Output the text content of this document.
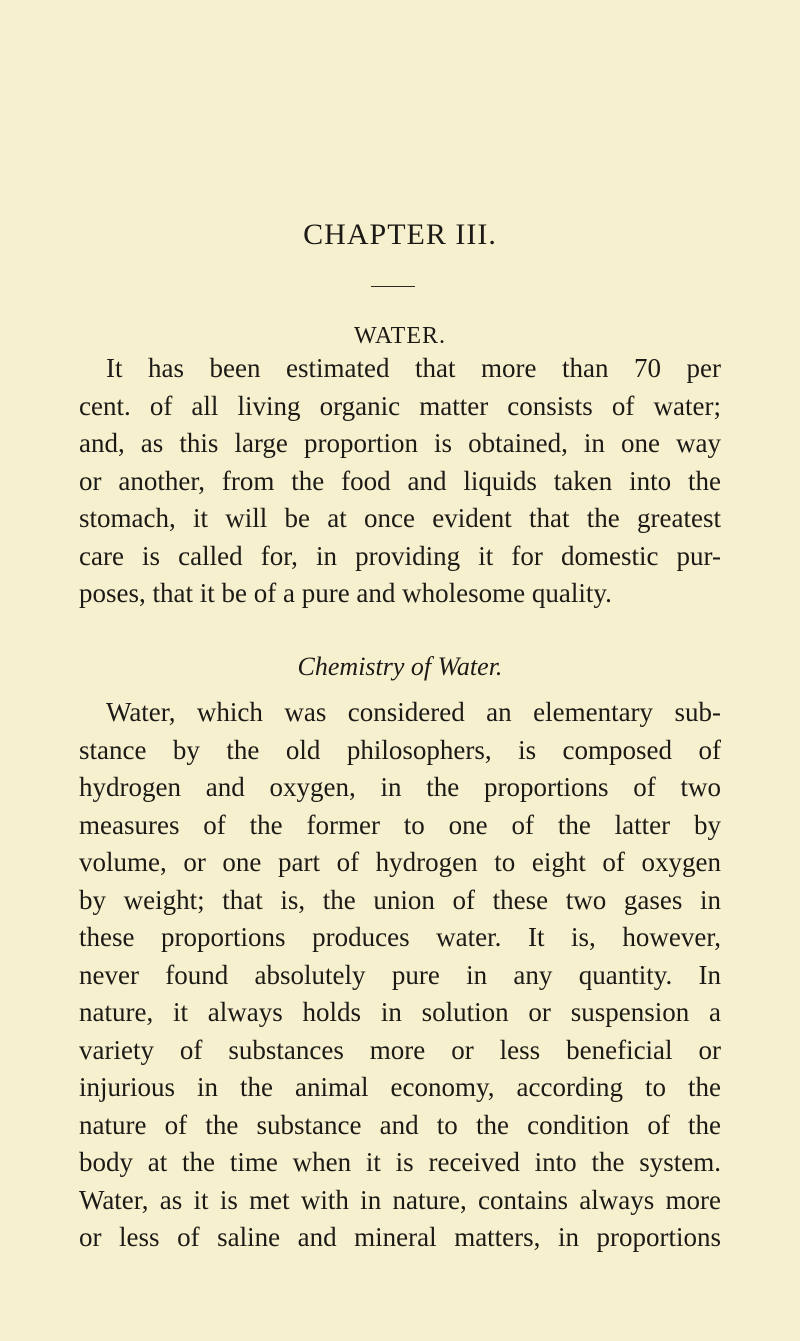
CHAPTER III.
WATER.
It has been estimated that more than 70 per
cent. of all living organic matter consists of water;
and, as this large proportion is obtained, in one way
or another, from the food and liquids taken into the
stomach, it will be at once evident that the greatest
care is called for, in providing it for domestic pur-
poses, that it be of a pure and wholesome quality.
Chemistry of Water.
Water, which was considered an elementary sub-
stance by the old philosophers, is composed of
hydrogen and oxygen, in the proportions of two
measures of the former to one of the latter by
volume, or one part of hydrogen to eight of oxygen
by weight; that is, the union of these two gases in
these proportions produces water. It is, however,
never found absolutely pure in any quantity. In
nature, it always holds in solution or suspension a
variety of substances more or less beneficial or
injurious in the animal economy, according to the
nature of the substance and to the condition of the
body at the time when it is received into the system.
Water, as it is met with in nature, contains always more
or less of saline and mineral matters, in proportions
